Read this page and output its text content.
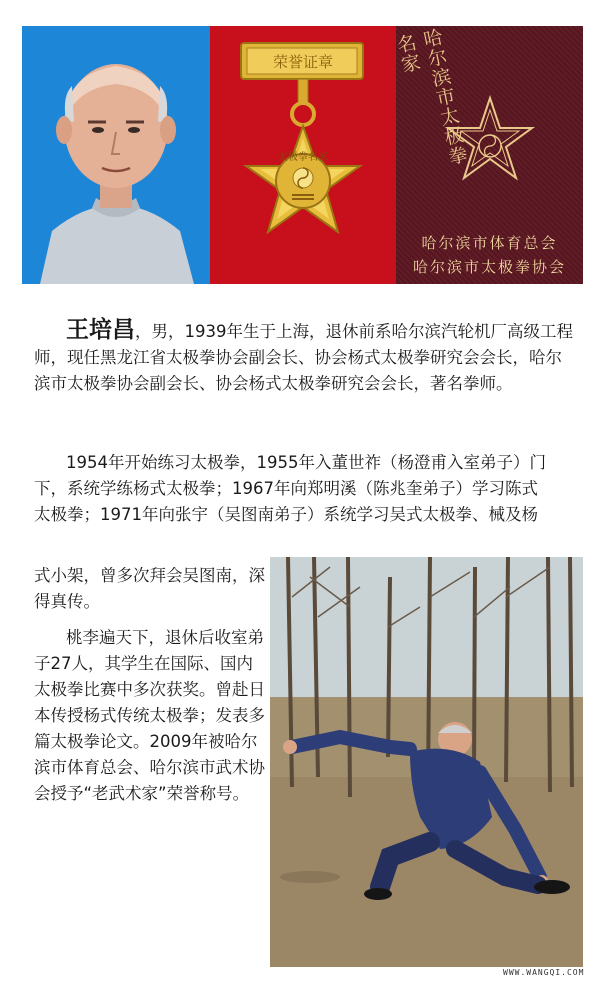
荣誉证章
太极拳名家	哈尔滨市太极拳名家
哈尔滨市体育总会
哈尔滨市太极拳协会

王培昌，男，1939年生于上海，退休前系哈尔滨汽轮机厂高级工程师，现任黑龙江省太极拳协会副会长、协会杨式太极拳研究会会长，哈尔滨市太极拳协会副会长、协会杨式太极拳研究会会长，著名拳师。

1954年开始练习太极拳，1955年入董世祚（杨澄甫入室弟子）门
下，系统学练杨式太极拳；1967年向郑明溪（陈兆奎弟子）学习陈式
太极拳；1971年向张宇（吴图南弟子）系统学习吴式太极拳、械及杨

式小架，曾多次拜会吴图南，深得真传。

桃李遍天下，退休后收室弟子27人，其学生在国际、国内太极拳比赛中多次获奖。曾赴日本传授杨式传统太极拳；发表多篇太极拳论文。2009年被哈尔滨市体育总会、哈尔滨市武术协会授予“老武术家”荣誉称号。

WWW.WANGQI.COM
